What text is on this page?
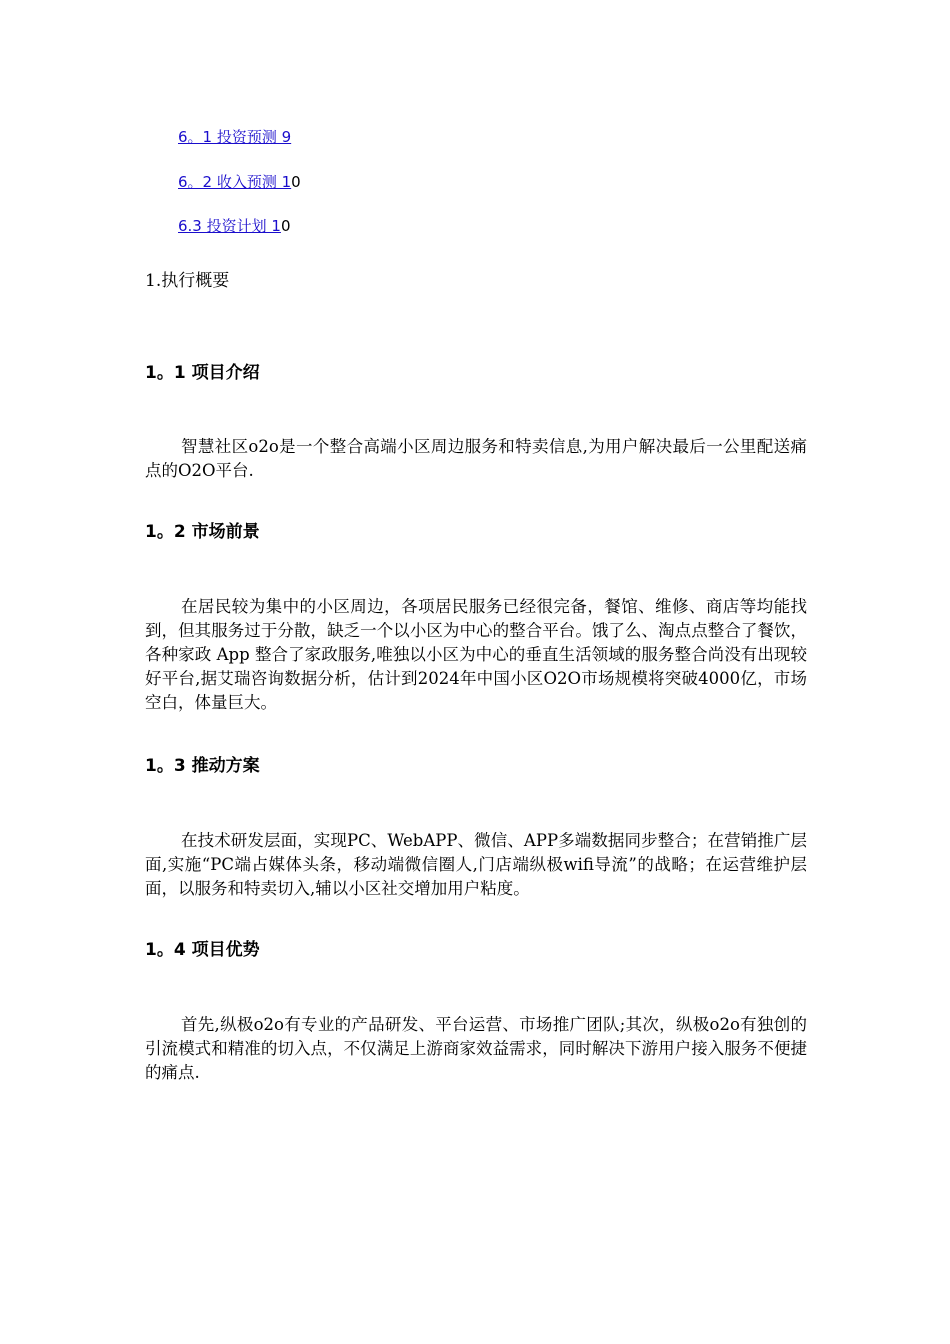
6。1 投资预测 9
6。2 收入预测 10
6.3 投资计划 10
1.执行概要
1。1 项目介绍

智慧社区o2o是一个整合高端小区周边服务和特卖信息,为用户解决最后一公里配送痛点的O2O平台.

1。2 市场前景

在居民较为集中的小区周边，各项居民服务已经很完备，餐馆、维修、商店等均能找到，但其服务过于分散，缺乏一个以小区为中心的整合平台。饿了么、淘点点整合了餐饮，各种家政 App 整合了家政服务,唯独以小区为中心的垂直生活领域的服务整合尚没有出现较好平台,据艾瑞咨询数据分析，估计到2024年中国小区O2O市场规模将突破4000亿，市场空白，体量巨大。

1。3 推动方案

在技术研发层面，实现PC、WebAPP、微信、APP多端数据同步整合；在营销推广层面,实施“PC端占媒体头条，移动端微信圈人,门店端纵极wifi导流”的战略；在运营维护层面，以服务和特卖切入,辅以小区社交增加用户粘度。

1。4 项目优势

首先,纵极o2o有专业的产品研发、平台运营、市场推广团队;其次，纵极o2o有独创的引流模式和精准的切入点，不仅满足上游商家效益需求，同时解决下游用户接入服务不便捷的痛点.
